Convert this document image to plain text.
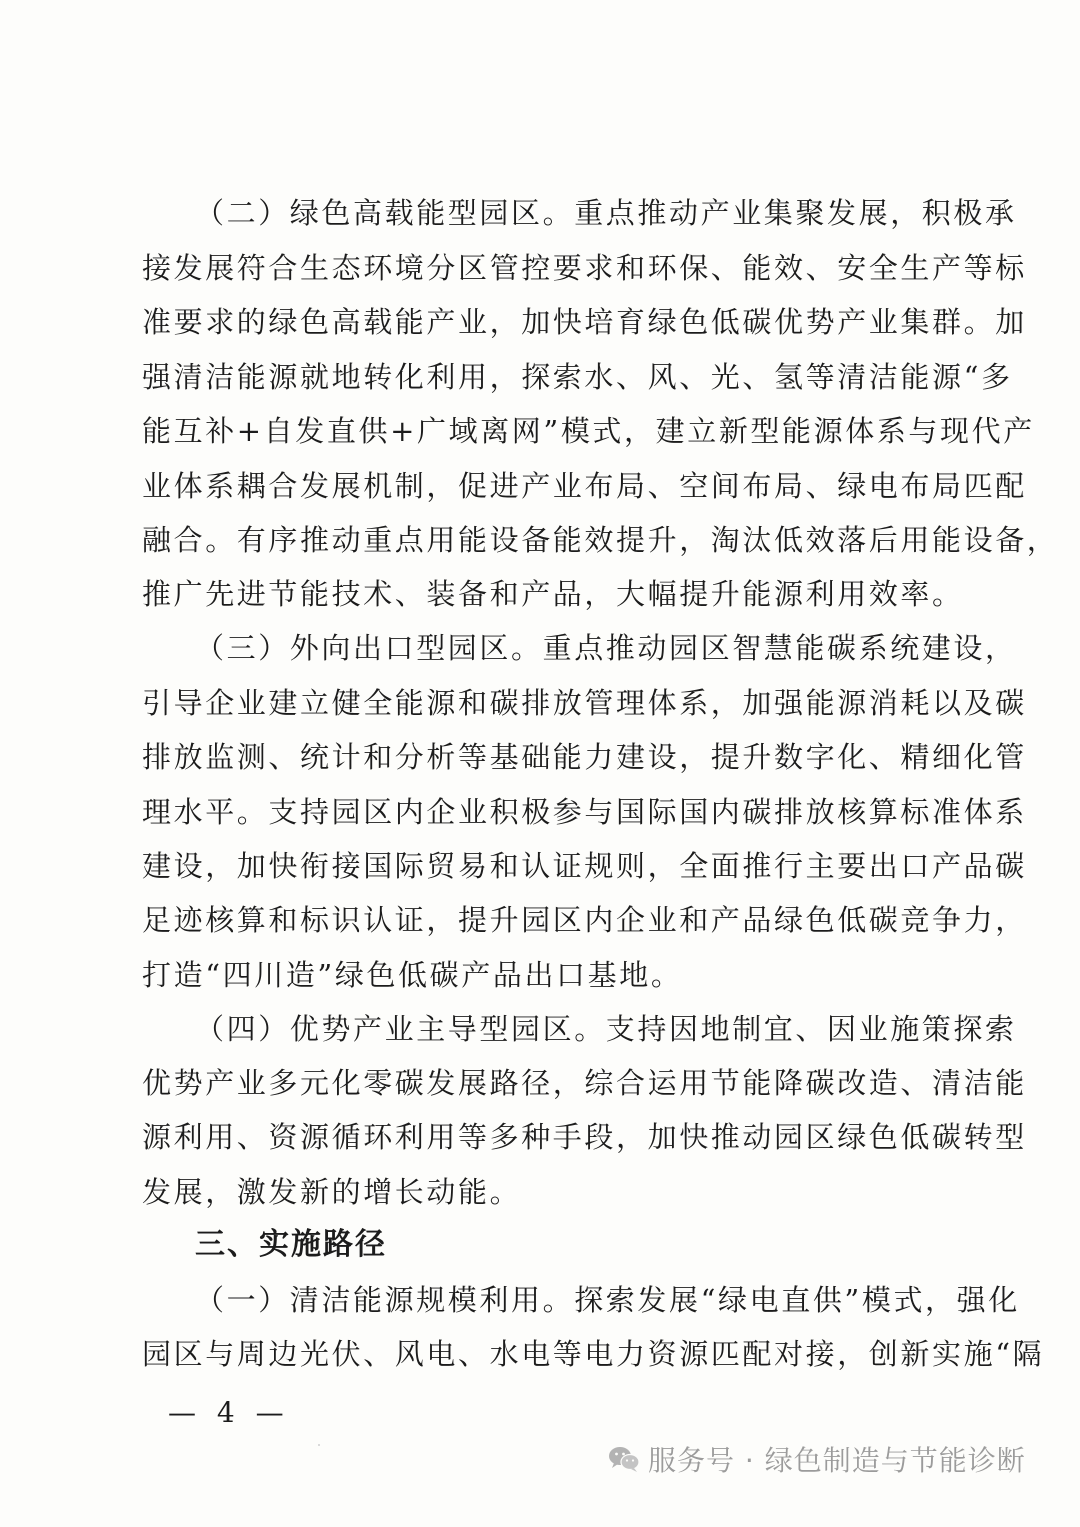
（二）绿色高载能型园区。重点推动产业集聚发展，积极承
接发展符合生态环境分区管控要求和环保、能效、安全生产等标
准要求的绿色高载能产业，加快培育绿色低碳优势产业集群。加
强清洁能源就地转化利用，探索水、风、光、氢等清洁能源“多
能互补+自发直供+广域离网”模式，建立新型能源体系与现代产
业体系耦合发展机制，促进产业布局、空间布局、绿电布局匹配
融合。有序推动重点用能设备能效提升，淘汰低效落后用能设备，
推广先进节能技术、装备和产品，大幅提升能源利用效率。
（三）外向出口型园区。重点推动园区智慧能碳系统建设，
引导企业建立健全能源和碳排放管理体系，加强能源消耗以及碳
排放监测、统计和分析等基础能力建设，提升数字化、精细化管
理水平。支持园区内企业积极参与国际国内碳排放核算标准体系
建设，加快衔接国际贸易和认证规则，全面推行主要出口产品碳
足迹核算和标识认证，提升园区内企业和产品绿色低碳竞争力，
打造“四川造”绿色低碳产品出口基地。
（四）优势产业主导型园区。支持因地制宜、因业施策探索
优势产业多元化零碳发展路径，综合运用节能降碳改造、清洁能
源利用、资源循环利用等多种手段，加快推动园区绿色低碳转型
发展，激发新的增长动能。
三、实施路径
（一）清洁能源规模利用。探索发展“绿电直供”模式，强化
园区与周边光伏、风电、水电等电力资源匹配对接，创新实施“隔
— 4 —
服务号 · 绿色制造与节能诊断
